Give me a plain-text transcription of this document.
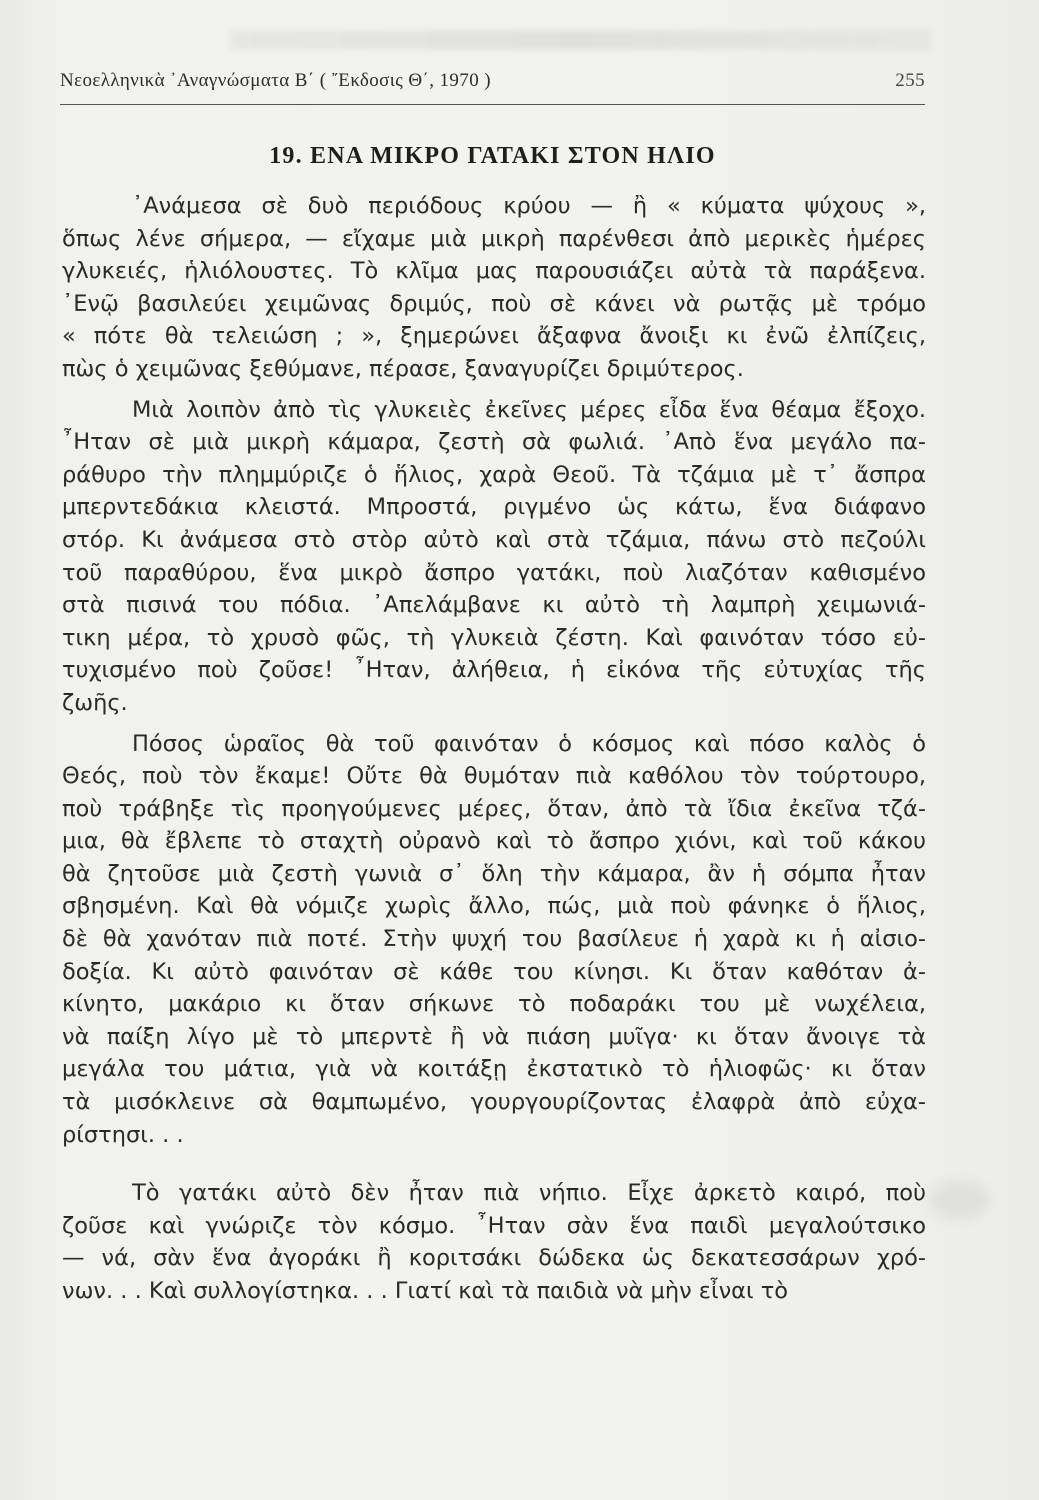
Νεοελληνικὰ ᾿Αναγνώσματα Β΄ ( ῎Εκδοσις Θ΄, 1970 )	255
19. ΕΝΑ ΜΙΚΡΟ ΓΑΤΑΚΙ ΣΤΟΝ ΗΛΙΟ
᾿Ανάμεσα σὲ δυὸ περιόδους κρύου — ἢ « κύματα ψύχους »,
ὅπως λένε σήμερα, — εἴχαμε μιὰ μικρὴ παρένθεσι ἀπὸ μερικὲς ἡμέρες
γλυκειές, ἡλιόλουστες. Τὸ κλῖμα μας παρουσιάζει αὐτὰ τὰ παράξενα.
᾿Ενῷ βασιλεύει χειμῶνας δριμύς, ποὺ σὲ κάνει νὰ ρωτᾷς μὲ τρόμο
« πότε θὰ τελειώση ; », ξημερώνει ἄξαφνα ἄνοιξι κι ἐνῶ ἐλπίζεις,
πὼς ὁ χειμῶνας ξεθύμανε, πέρασε, ξαναγυρίζει δριμύτερος.
Μιὰ λοιπὸν ἀπὸ τὶς γλυκειὲς ἐκεῖνες μέρες εἶδα ἕνα θέαμα ἔξοχο.
῏Ηταν σὲ μιὰ μικρὴ κάμαρα, ζεστὴ σὰ φωλιά. ᾿Απὸ ἕνα μεγάλο πα-
ράθυρο τὴν πλημμύριζε ὁ ἥλιος, χαρὰ Θεοῦ. Τὰ τζάμια μὲ τ᾿ ἄσπρα
μπερντεδάκια κλειστά. Μπροστά, ριγμένο ὡς κάτω, ἕνα διάφανο
στόρ. Κι ἀνάμεσα στὸ στὸρ αὐτὸ καὶ στὰ τζάμια, πάνω στὸ πεζούλι
τοῦ παραθύρου, ἕνα μικρὸ ἄσπρο γατάκι, ποὺ λιαζόταν καθισμένο
στὰ πισινά του πόδια. ᾿Απελάμβανε κι αὐτὸ τὴ λαμπρὴ χειμωνιά-
τικη μέρα, τὸ χρυσὸ φῶς, τὴ γλυκειὰ ζέστη. Καὶ φαινόταν τόσο εὐ-
τυχισμένο ποὺ ζοῦσε! ῏Ηταν, ἀλήθεια, ἡ εἰκόνα τῆς εὐτυχίας τῆς
ζωῆς.
Πόσος ὡραῖος θὰ τοῦ φαινόταν ὁ κόσμος καὶ πόσο καλὸς ὁ
Θεός, ποὺ τὸν ἔκαμε! Οὔτε θὰ θυμόταν πιὰ καθόλου τὸν τούρτουρο,
ποὺ τράβηξε τὶς προηγούμενες μέρες, ὅταν, ἀπὸ τὰ ἴδια ἐκεῖνα τζά-
μια, θὰ ἔβλεπε τὸ σταχτὴ οὐρανὸ καὶ τὸ ἄσπρο χιόνι, καὶ τοῦ κάκου
θὰ ζητοῦσε μιὰ ζεστὴ γωνιὰ σ᾿ ὅλη τὴν κάμαρα, ἂν ἡ σόμπα ἦταν
σβησμένη. Καὶ θὰ νόμιζε χωρὶς ἄλλο, πώς, μιὰ ποὺ φάνηκε ὁ ἥλιος,
δὲ θὰ χανόταν πιὰ ποτέ. Στὴν ψυχή του βασίλευε ἡ χαρὰ κι ἡ αἰσιο-
δοξία. Κι αὐτὸ φαινόταν σὲ κάθε του κίνησι. Κι ὅταν καθόταν ἀ-
κίνητο, μακάριο κι ὅταν σήκωνε τὸ ποδαράκι του μὲ νωχέλεια,
νὰ παίξη λίγο μὲ τὸ μπερντὲ ἢ νὰ πιάση μυῖγα· κι ὅταν ἄνοιγε τὰ
μεγάλα του μάτια, γιὰ νὰ κοιτάξῃ ἐκστατικὸ τὸ ἡλιοφῶς· κι ὅταν
τὰ μισόκλεινε σὰ θαμπωμένο, γουργουρίζοντας ἐλαφρὰ ἀπὸ εὐχα-
ρίστησι. . .
Τὸ γατάκι αὐτὸ δὲν ἦταν πιὰ νήπιο. Εἶχε ἀρκετὸ καιρό, ποὺ
ζοῦσε καὶ γνώριζε τὸν κόσμο. ῏Ηταν σὰν ἕνα παιδὶ μεγαλούτσικο
— νά, σὰν ἕνα ἀγοράκι ἢ κοριτσάκι δώδεκα ὡς δεκατεσσάρων χρό-
νων. . . Καὶ συλλογίστηκα. . . Γιατί καὶ τὰ παιδιὰ νὰ μὴν εἶναι τὸ
